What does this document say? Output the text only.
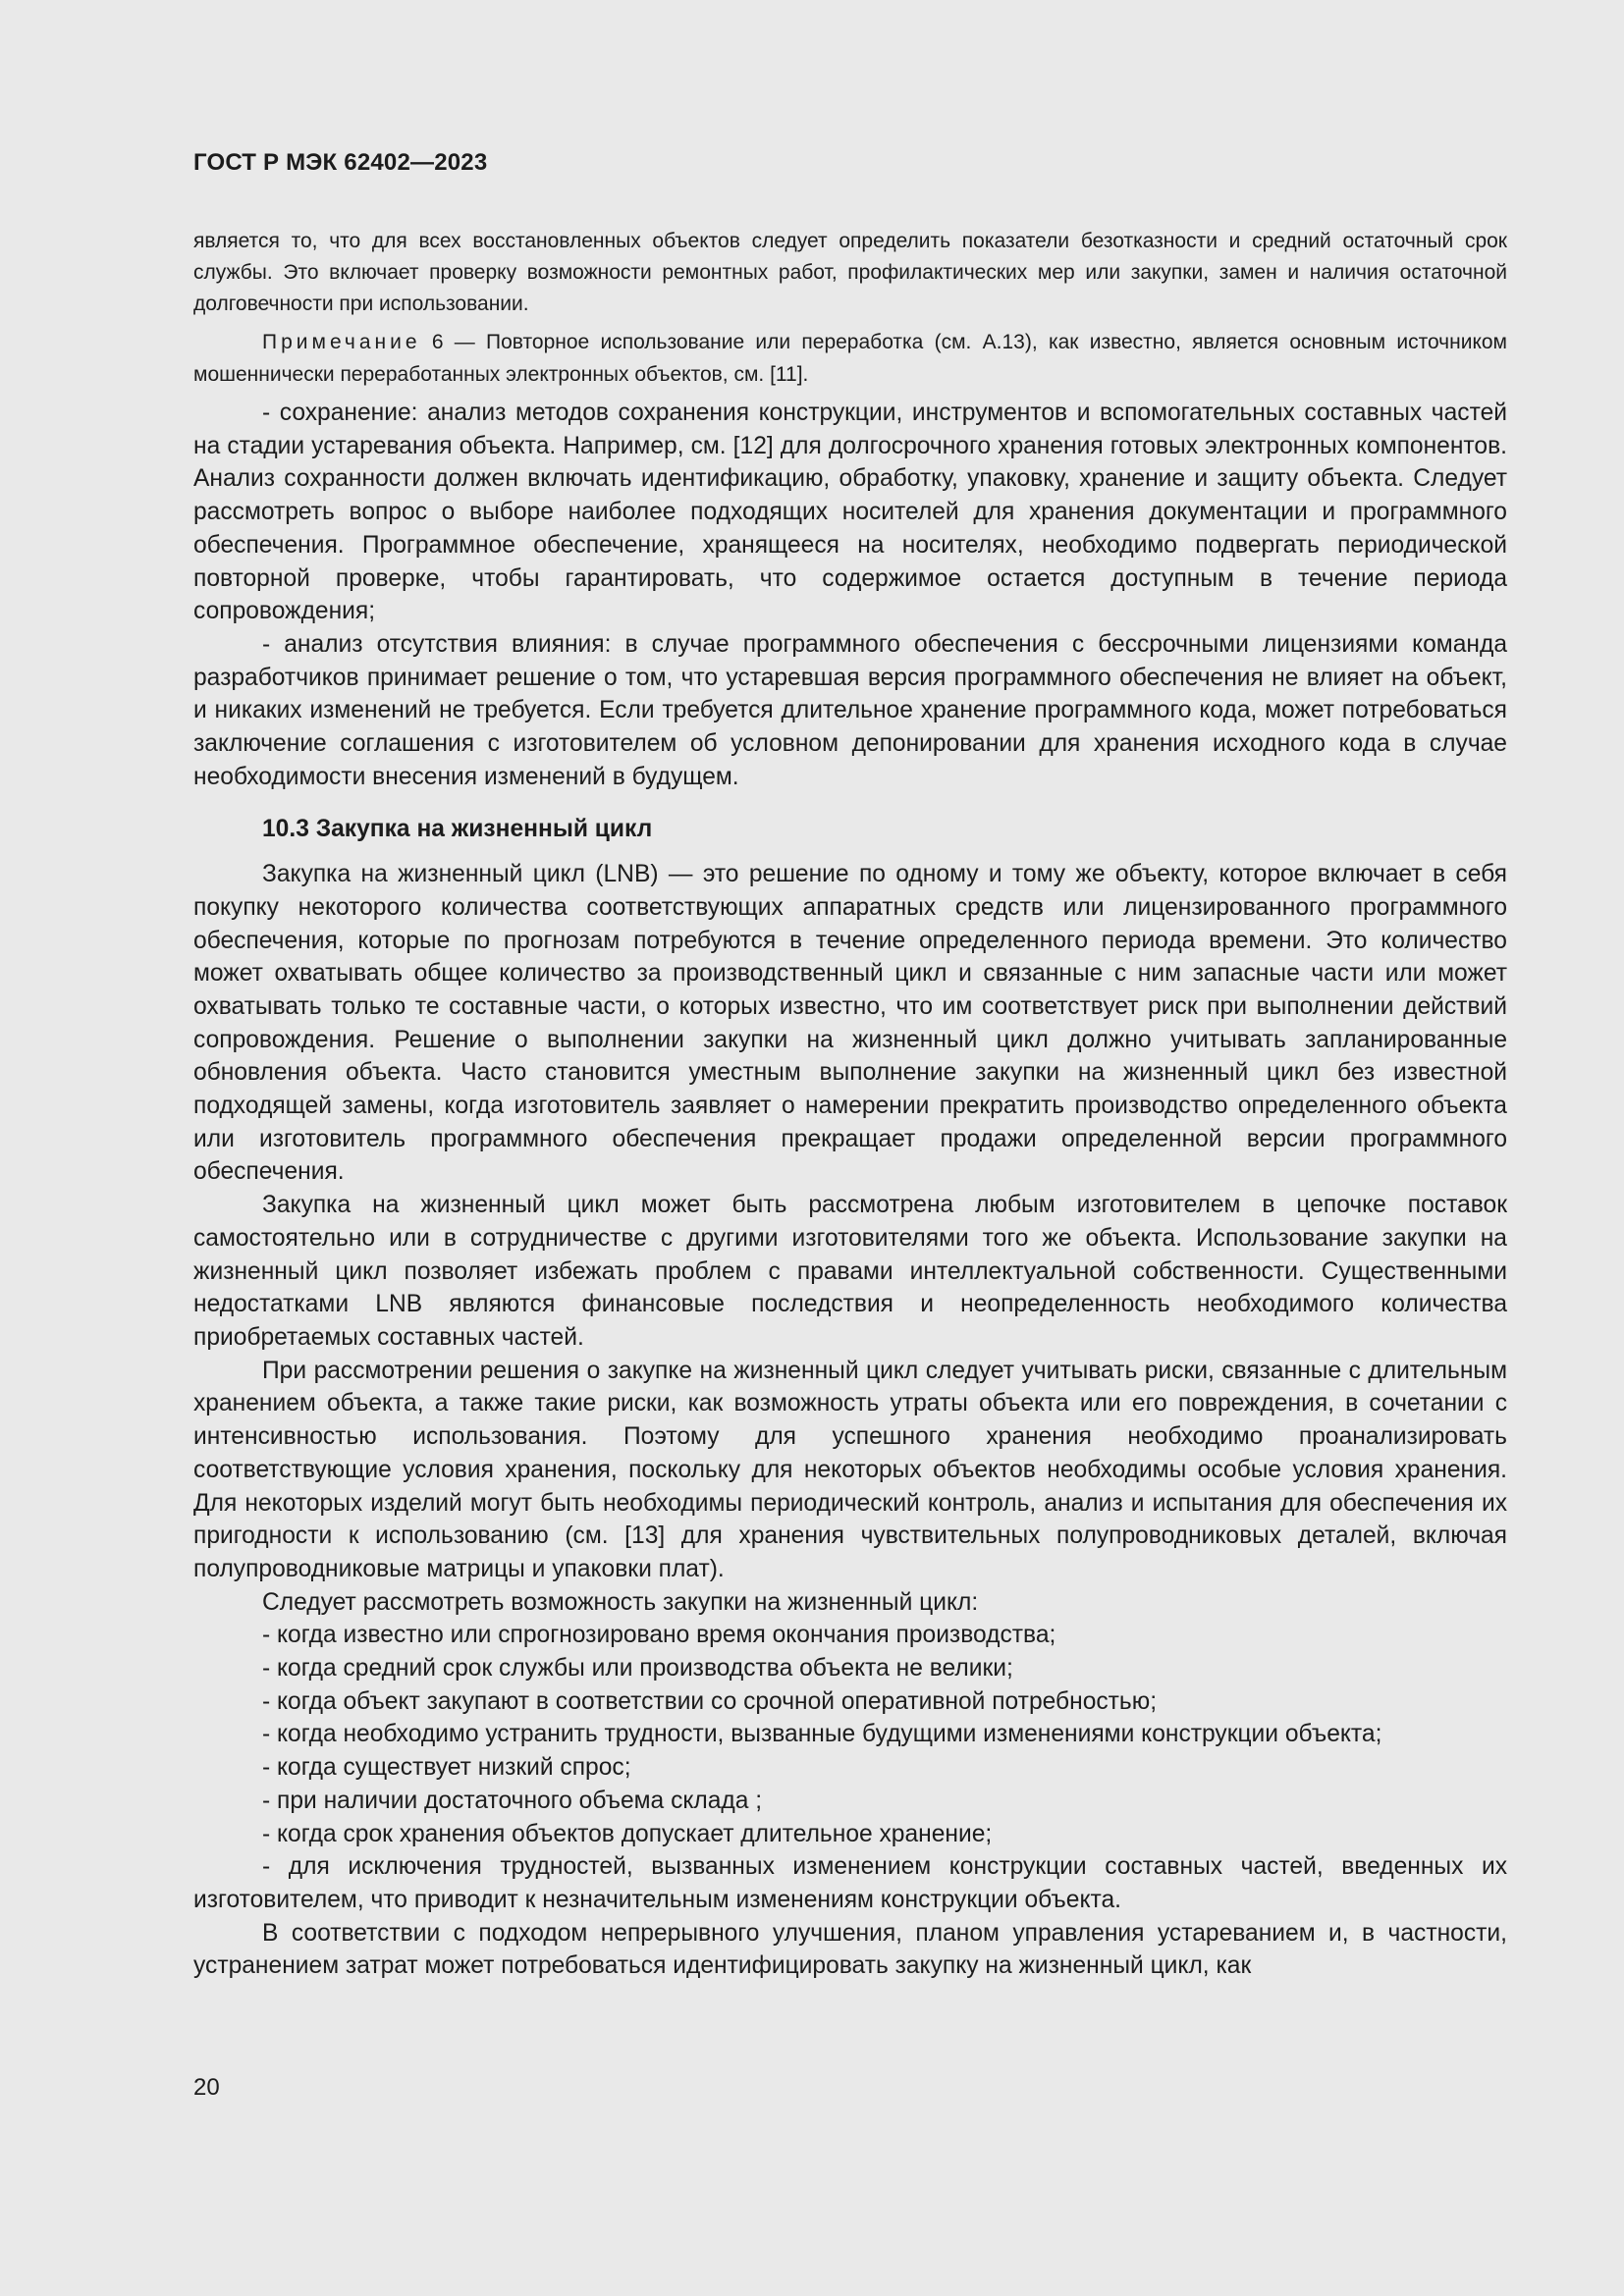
ГОСТ Р МЭК 62402—2023

является то, что для всех восстановленных объектов следует определить показатели безотказности и средний остаточный срок службы. Это включает проверку возможности ремонтных работ, профилактических мер или закупки, замен и наличия остаточной долговечности при использовании.

Примечание 6 — Повторное использование или переработка (см. А.13), как известно, является основным источником мошеннически переработанных электронных объектов, см. [11].

- сохранение: анализ методов сохранения конструкции, инструментов и вспомогательных составных частей на стадии устаревания объекта. Например, см. [12] для долгосрочного хранения готовых электронных компонентов. Анализ сохранности должен включать идентификацию, обработку, упаковку, хранение и защиту объекта. Следует рассмотреть вопрос о выборе наиболее подходящих носителей для хранения документации и программного обеспечения. Программное обеспечение, хранящееся на носителях, необходимо подвергать периодической повторной проверке, чтобы гарантировать, что содержимое остается доступным в течение периода сопровождения;

- анализ отсутствия влияния: в случае программного обеспечения с бессрочными лицензиями команда разработчиков принимает решение о том, что устаревшая версия программного обеспечения не влияет на объект, и никаких изменений не требуется. Если требуется длительное хранение программного кода, может потребоваться заключение соглашения с изготовителем об условном депонировании для хранения исходного кода в случае необходимости внесения изменений в будущем.

10.3 Закупка на жизненный цикл

Закупка на жизненный цикл (LNB) — это решение по одному и тому же объекту, которое включает в себя покупку некоторого количества соответствующих аппаратных средств или лицензированного программного обеспечения, которые по прогнозам потребуются в течение определенного периода времени. Это количество может охватывать общее количество за производственный цикл и связанные с ним запасные части или может охватывать только те составные части, о которых известно, что им соответствует риск при выполнении действий сопровождения. Решение о выполнении закупки на жизненный цикл должно учитывать запланированные обновления объекта. Часто становится уместным выполнение закупки на жизненный цикл без известной подходящей замены, когда изготовитель заявляет о намерении прекратить производство определенного объекта или изготовитель программного обеспечения прекращает продажи определенной версии программного обеспечения.

Закупка на жизненный цикл может быть рассмотрена любым изготовителем в цепочке поставок самостоятельно или в сотрудничестве с другими изготовителями того же объекта. Использование закупки на жизненный цикл позволяет избежать проблем с правами интеллектуальной собственности. Существенными недостатками LNB являются финансовые последствия и неопределенность необходимого количества приобретаемых составных частей.

При рассмотрении решения о закупке на жизненный цикл следует учитывать риски, связанные с длительным хранением объекта, а также такие риски, как возможность утраты объекта или его повреждения, в сочетании с интенсивностью использования. Поэтому для успешного хранения необходимо проанализировать соответствующие условия хранения, поскольку для некоторых объектов необходимы особые условия хранения. Для некоторых изделий могут быть необходимы периодический контроль, анализ и испытания для обеспечения их пригодности к использованию (см. [13] для хранения чувствительных полупроводниковых деталей, включая полупроводниковые матрицы и упаковки плат).

Следует рассмотреть возможность закупки на жизненный цикл:

- когда известно или спрогнозировано время окончания производства;

- когда средний срок службы или производства объекта не велики;

- когда объект закупают в соответствии со срочной оперативной потребностью;

- когда необходимо устранить трудности, вызванные будущими изменениями конструкции объекта;

- когда существует низкий спрос;

- при наличии достаточного объема склада ;

- когда срок хранения объектов допускает длительное хранение;

- для исключения трудностей, вызванных изменением конструкции составных частей, введенных их изготовителем, что приводит к незначительным изменениям конструкции объекта.

В соответствии с подходом непрерывного улучшения, планом управления устареванием и, в частности, устранением затрат может потребоваться идентифицировать закупку на жизненный цикл, как

20
